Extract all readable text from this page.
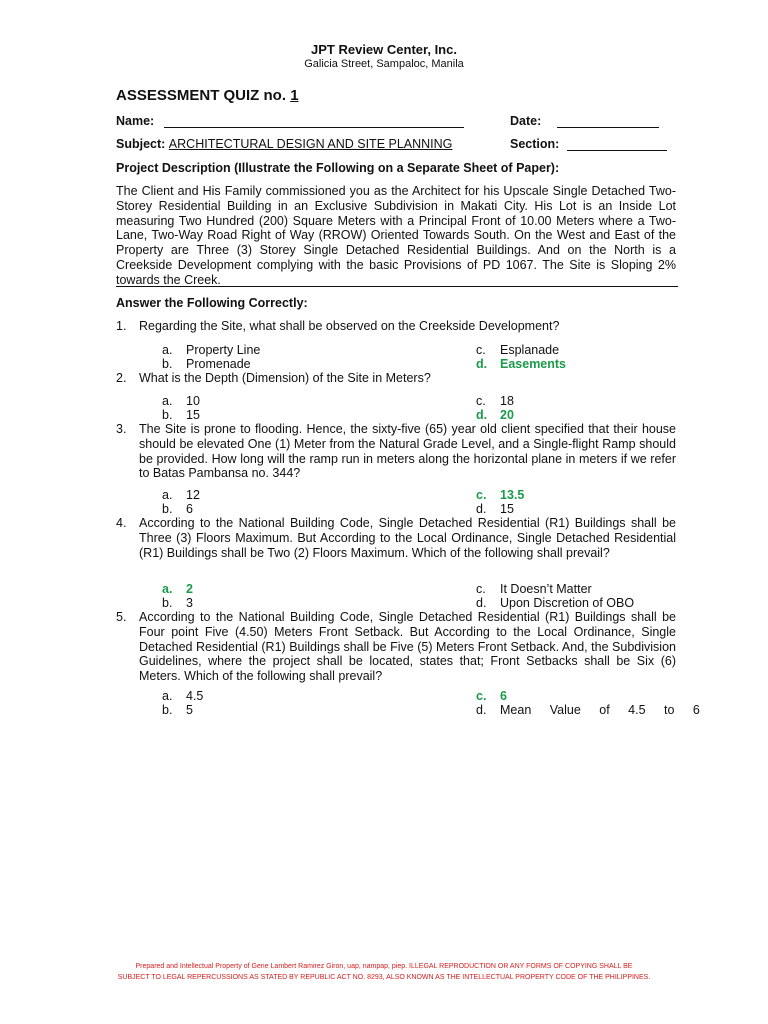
JPT Review Center, Inc.
Galicia Street, Sampaloc, Manila
ASSESSMENT QUIZ no. 1
Name:	Date:
Subject: ARCHITECTURAL DESIGN AND SITE PLANNING	Section:
Project Description (Illustrate the Following on a Separate Sheet of Paper):
The Client and His Family commissioned you as the Architect for his Upscale Single Detached Two-Storey Residential Building in an Exclusive Subdivision in Makati City. His Lot is an Inside Lot measuring Two Hundred (200) Square Meters with a Principal Front of 10.00 Meters where a Two-Lane, Two-Way Road Right of Way (RROW) Oriented Towards South. On the West and East of the Property are Three (3) Storey Single Detached Residential Buildings. And on the North is a Creekside Development complying with the basic Provisions of PD 1067. The Site is Sloping 2% towards the Creek.
Answer the Following Correctly:
1. Regarding the Site, what shall be observed on the Creekside Development?
a. Property Line
b. Promenade
c. Esplanade
d. Easements
2. What is the Depth (Dimension) of the Site in Meters?
a. 10
b. 15
c. 18
d. 20
3. The Site is prone to flooding. Hence, the sixty-five (65) year old client specified that their house should be elevated One (1) Meter from the Natural Grade Level, and a Single-flight Ramp should be provided. How long will the ramp run in meters along the horizontal plane in meters if we refer to Batas Pambansa no. 344?
a. 12
b. 6
c. 13.5
d. 15
4. According to the National Building Code, Single Detached Residential (R1) Buildings shall be Three (3) Floors Maximum. But According to the Local Ordinance, Single Detached Residential (R1) Buildings shall be Two (2) Floors Maximum. Which of the following shall prevail?
a. 2
b. 3
c. It Doesn’t Matter
d. Upon Discretion of OBO
5. According to the National Building Code, Single Detached Residential (R1) Buildings shall be Four point Five (4.50) Meters Front Setback. But According to the Local Ordinance, Single Detached Residential (R1) Buildings shall be Five (5) Meters Front Setback. And, the Subdivision Guidelines, where the project shall be located, states that; Front Setbacks shall be Six (6) Meters. Which of the following shall prevail?
a. 4.5
b. 5
c. 6
d. Mean Value of 4.5 to 6
Prepared and Intellectual Property of Gene Lambert Ramirez Giron, uap, nampap, piep. ILLEGAL REPRODUCTION OR ANY FORMS OF COPYING SHALL BE
SUBJECT TO LEGAL REPERCUSSIONS AS STATED BY REPUBLIC ACT NO. 8293, ALSO KNOWN AS THE INTELLECTUAL PROPERTY CODE OF THE PHILIPPINES.
